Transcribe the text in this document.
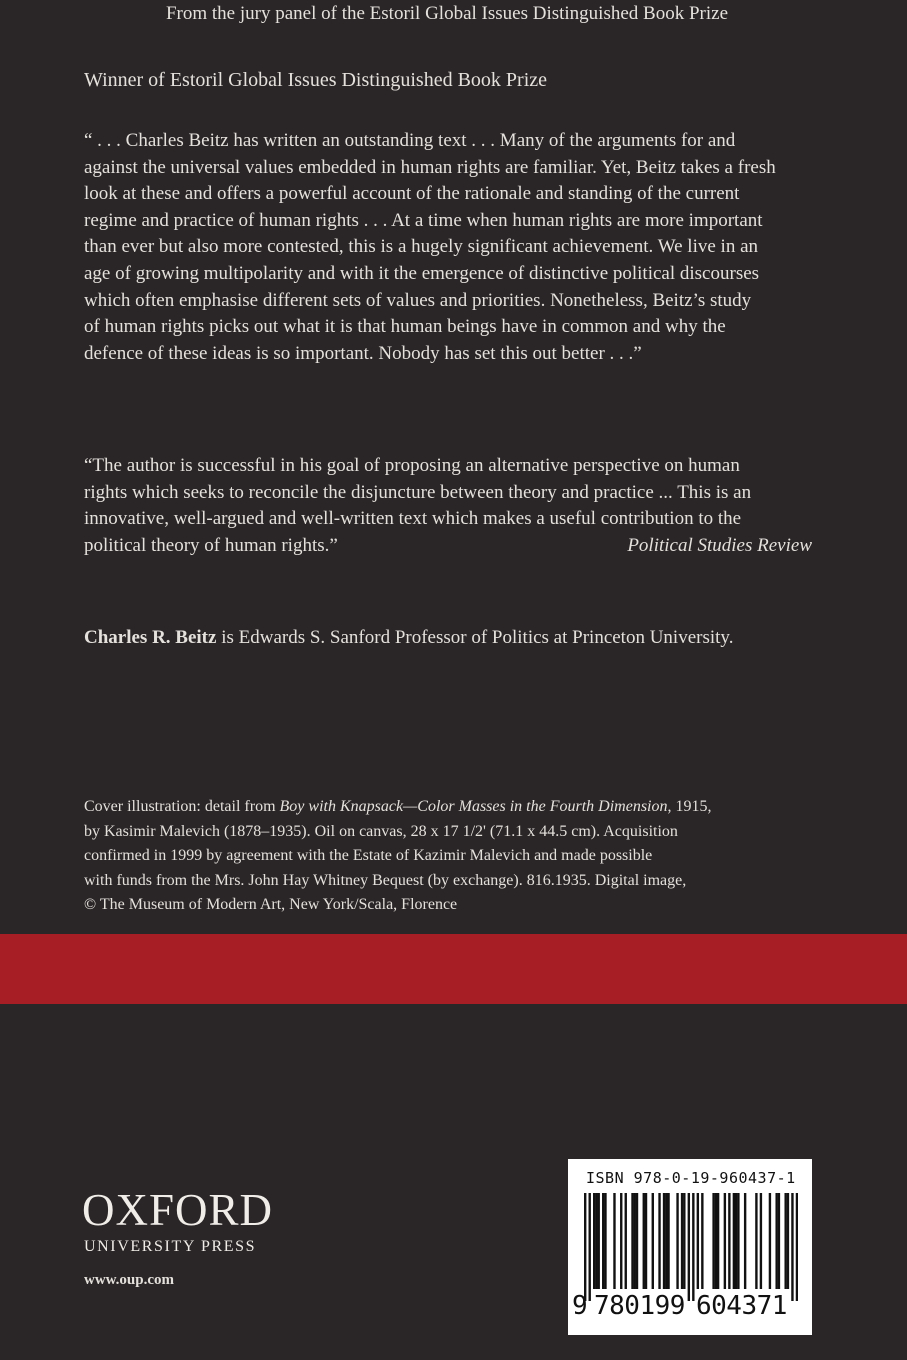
Winner of Estoril Global Issues Distinguished Book Prize
“ . . . Charles Beitz has written an outstanding text . . . Many of the arguments for and
against the universal values embedded in human rights are familiar. Yet, Beitz takes a fresh
look at these and offers a powerful account of the rationale and standing of the current
regime and practice of human rights . . . At a time when human rights are more important
than ever but also more contested, this is a hugely significant achievement. We live in an
age of growing multipolarity and with it the emergence of distinctive political discourses
which often emphasise different sets of values and priorities. Nonetheless, Beitz’s study
of human rights picks out what it is that human beings have in common and why the
defence of these ideas is so important. Nobody has set this out better . . .”
From the jury panel of the Estoril Global Issues Distinguished Book Prize
“The author is successful in his goal of proposing an alternative perspective on human
rights which seeks to reconcile the disjuncture between theory and practice ... This is an
innovative, well-argued and well-written text which makes a useful contribution to the
political theory of human rights.”	Political Studies Review
Charles R. Beitz is Edwards S. Sanford Professor of Politics at Princeton University.
Cover illustration: detail from Boy with Knapsack—Color Masses in the Fourth Dimension, 1915,
by Kasimir Malevich (1878–1935). Oil on canvas, 28 x 17 1/2' (71.1 x 44.5 cm). Acquisition
confirmed in 1999 by agreement with the Estate of Kazimir Malevich and made possible
with funds from the Mrs. John Hay Whitney Bequest (by exchange). 816.1935. Digital image,
© The Museum of Modern Art, New York/Scala, Florence
OXFORD
UNIVERSITY PRESS
www.oup.com
ISBN 978-0-19-960437-1
9 780199 604371
